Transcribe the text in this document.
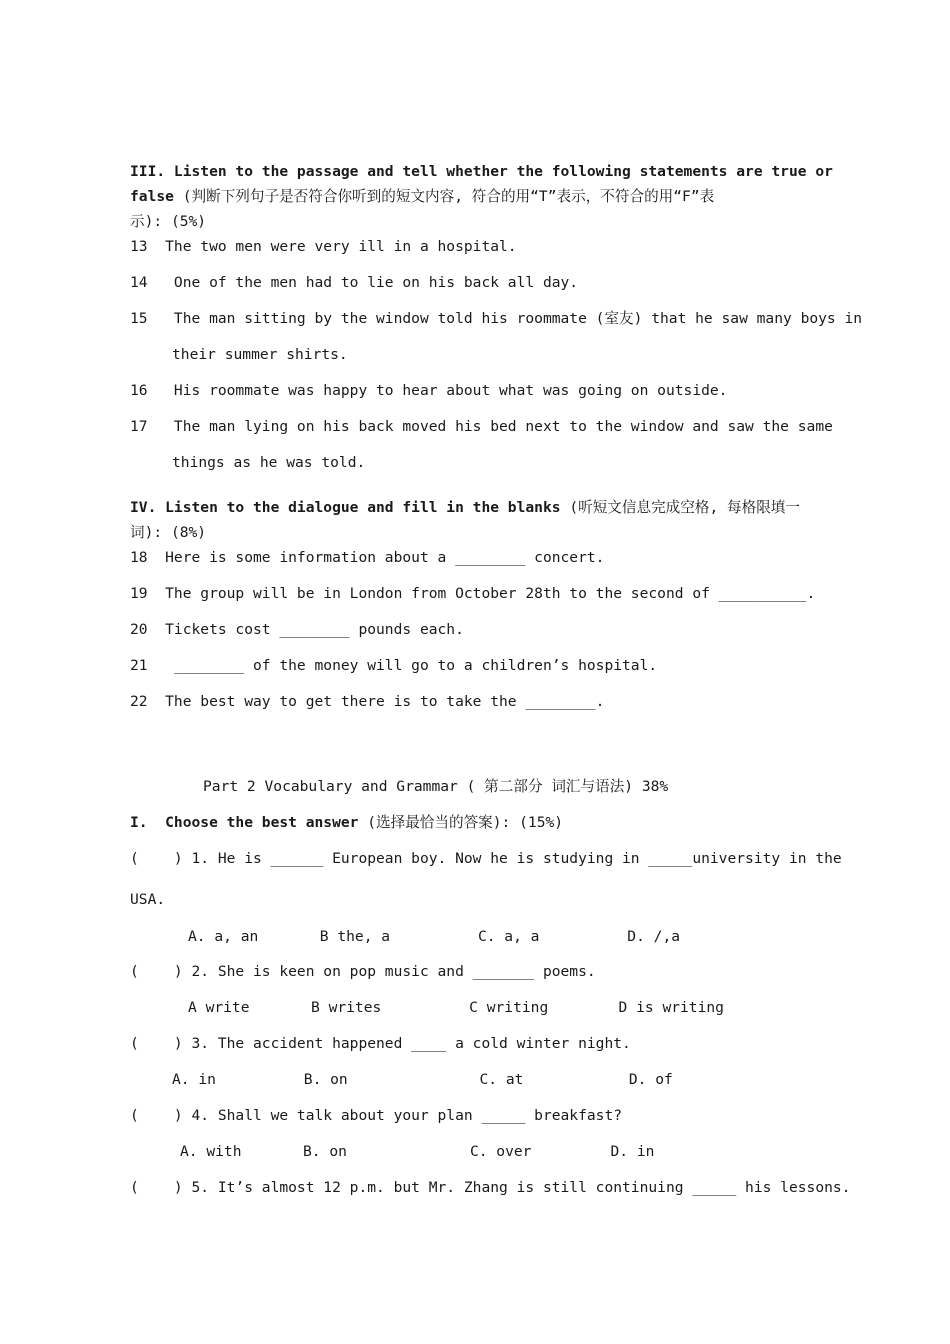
III. Listen to the passage and tell whether the following statements are true or
false (判断下列句子是否符合你听到的短文内容, 符合的用“T”表示，不符合的用“F”表
示): (5%)
13  The two men were very ill in a hospital.
14   One of the men had to lie on his back all day.
15   The man sitting by the window told his roommate (室友) that he saw many boys in
their summer shirts.
16   His roommate was happy to hear about what was going on outside.
17   The man lying on his back moved his bed next to the window and saw the same
things as he was told.
IV. Listen to the dialogue and fill in the blanks (听短文信息完成空格, 每格限填一
词): (8%)
18  Here is some information about a ________ concert.
19  The group will be in London from October 28th to the second of __________.
20  Tickets cost ________ pounds each.
21   ________ of the money will go to a children’s hospital.
22  The best way to get there is to take the ________.
Part 2 Vocabulary and Grammar ( 第二部分 词汇与语法) 38%
I.  Choose the best answer (选择最恰当的答案): (15%)
(    ) 1. He is ______ European boy. Now he is studying in _____university in the
USA.
A. a, an       B the, a          C. a, a          D. /,a
(    ) 2. She is keen on pop music and _______ poems.
A write       B writes          C writing        D is writing
(    ) 3. The accident happened ____ a cold winter night.
A. in          B. on               C. at            D. of
(    ) 4. Shall we talk about your plan _____ breakfast?
A. with       B. on              C. over         D. in
(    ) 5. It’s almost 12 p.m. but Mr. Zhang is still continuing _____ his lessons.
